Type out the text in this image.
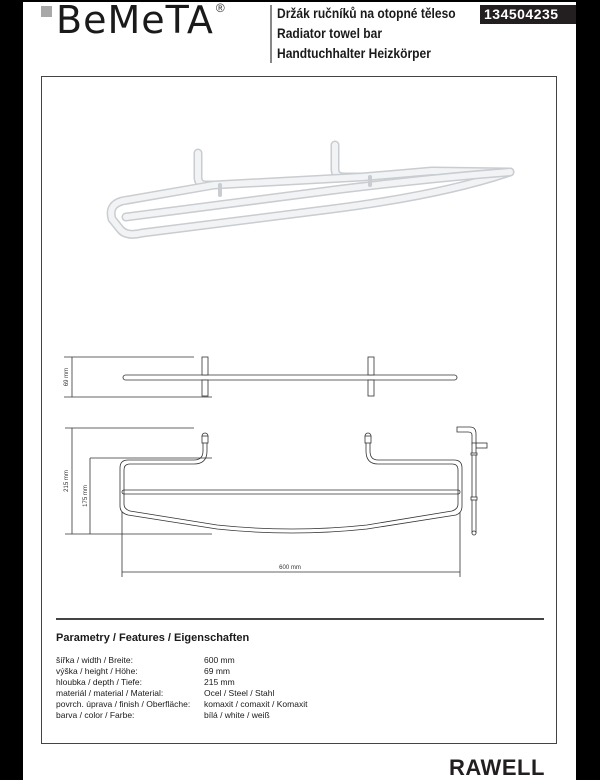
BeMeTA ®	Držák ručníků na otopné těleso
Radiator towel bar
Handtuchhalter Heizkörper
134504235
69 mm
215 mm
175 mm
600 mm
Parametry / Features / Eigenschaften
šířka / width / Breite:	600 mm
výška / height / Höhe:	69 mm
hloubka / depth / Tiefe:	215 mm
materiál / material / Material:	Ocel / Steel / Stahl
povrch. úprava / finish / Oberfläche:	komaxit / comaxit / Komaxit
barva / color / Farbe:	bílá / white / weiß
RAWELL
